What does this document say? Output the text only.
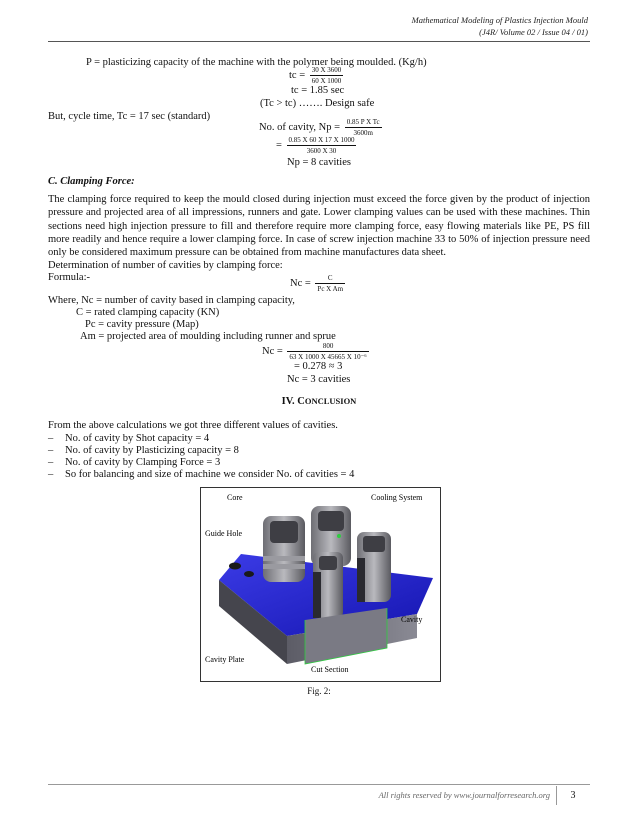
Mathematical Modeling of Plastics Injection Mould
(J4R/ Volume 02 / Issue 04 / 01)
P = plasticizing capacity of the machine with the polymer being moulded. (Kg/h)
tc = $\frac{30 X 3600}{60 X 1000}$
tc = 1.85 sec
(Tc > tc) ……. Design safe
But, cycle time, Tc = 17 sec (standard)
No. of cavity, $Np = \frac{\text{0.85 P X Tc}}{3600m}$
= $\frac{0.85 X 60 X 17 X 1000}{3600 X 30}$
Np = 8 cavities
C. Clamping Force:
The clamping force required to keep the mould closed during injection must exceed the force given by the product of injection
pressure and projected area of all impressions, runners and gate. Lower clamping values can be used with these machines. Thin
sections need high injection pressure to fill and therefore require more clamping force, easy flowing materials like PE, PS fill
more readily and hence require a lower clamping force. In case of screw injection machine 33 to 50% of injection pressure need
only be considered maximum pressure can be obtained from machine manufactures data sheet.
Determination of number of cavities by clamping force:
Formula:-
$Nc = \frac{C}{\text{Pc X Am}}$
Where, Nc = number of cavity based in clamping capacity,
C = rated clamping capacity (KN)
Pc = cavity pressure (Map)
Am = projected area of moulding including runner and sprue
$Nc = \frac{800}{\text{63 X 1000 X 45665 X 10⁻⁶}}$
= 0.278 ≈ 3
Nc = 3 cavities
IV. CONCLUSION
From the above calculations we got three different values of cavities.
– No. of cavity by Shot capacity = 4
– No. of cavity by Plasticizing capacity = 8
– No. of cavity by Clamping Force = 3
– So for balancing and size of machine we consider No. of cavities = 4
Core	Cooling System
Guide Hole
Cavity
Cavity Plate
Cut Section
Fig. 2:
All rights reserved by www.journalforresearch.org	3
